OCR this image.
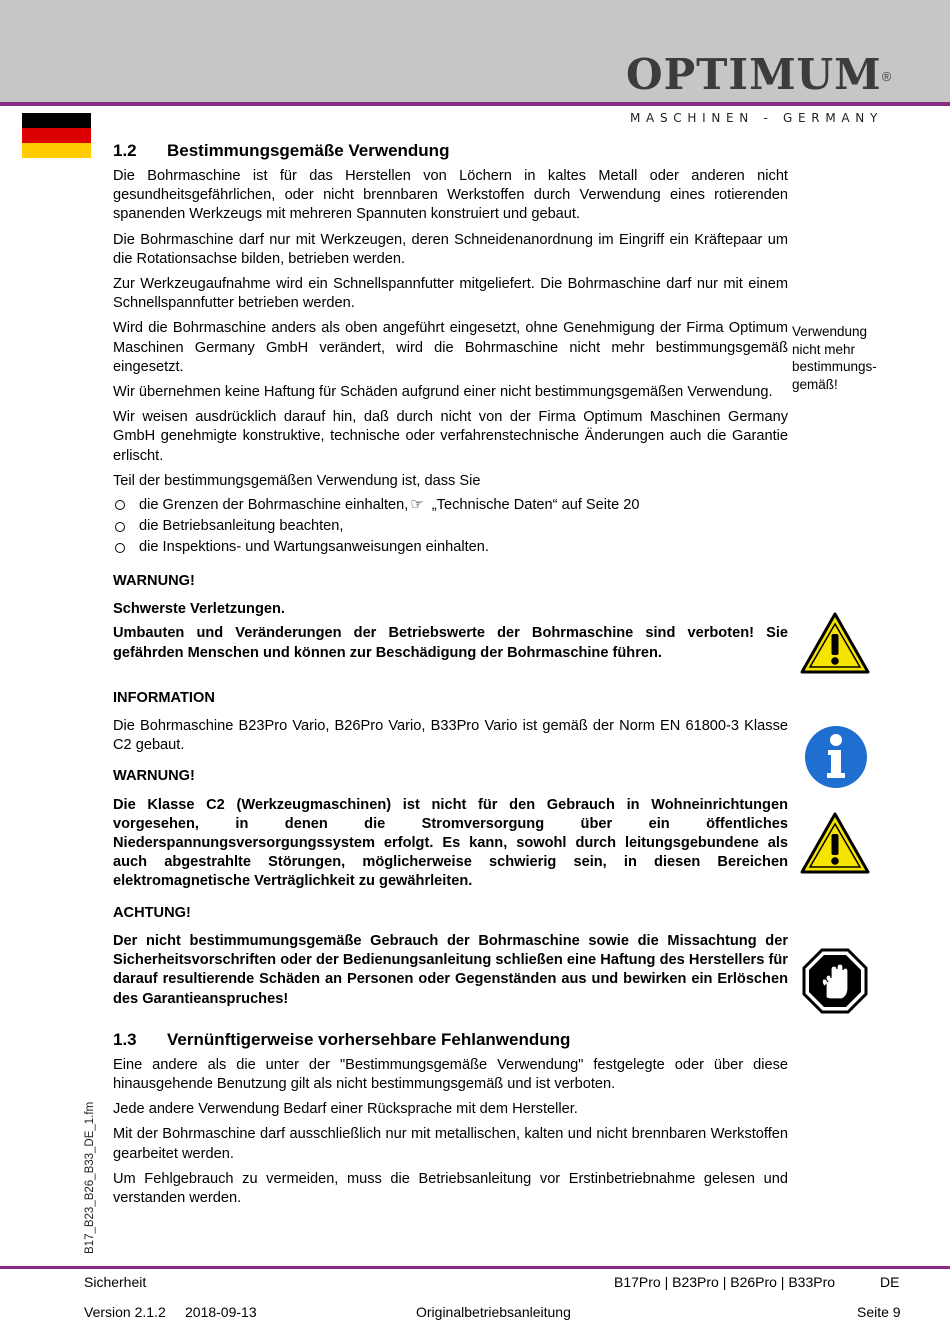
OPTIMUM®
MASCHINEN - GERMANY
1.2	Bestimmungsgemäße Verwendung

Die Bohrmaschine ist für das Herstellen von Löchern in kaltes Metall oder anderen nicht gesundheitsgefährlichen, oder nicht brennbaren Werkstoffen durch Verwendung eines rotierenden spanenden Werkzeugs mit mehreren Spannuten konstruiert und gebaut.

Die Bohrmaschine darf nur mit Werkzeugen, deren Schneidenanordnung im Eingriff ein Kräftepaar um die Rotationsachse bilden, betrieben werden.

Zur Werkzeugaufnahme wird ein Schnellspannfutter mitgeliefert. Die Bohrmaschine darf nur mit einem Schnellspannfutter betrieben werden.

Wird die Bohrmaschine anders als oben angeführt eingesetzt, ohne Genehmigung der Firma Optimum Maschinen Germany GmbH verändert, wird die Bohrmaschine nicht mehr bestimmungsgemäß eingesetzt.

Wir übernehmen keine Haftung für Schäden aufgrund einer nicht bestimmungsgemäßen Verwendung.

Wir weisen ausdrücklich darauf hin, daß durch nicht von der Firma Optimum Maschinen Germany GmbH genehmigte konstruktive, technische oder verfahrenstechnische Änderungen auch die Garantie erlischt.

Teil der bestimmungsgemäßen Verwendung ist, dass Sie

die Grenzen der Bohrmaschine einhalten, ☞ „Technische Daten“ auf Seite 20
die Betriebsanleitung beachten,
die Inspektions- und Wartungsanweisungen einhalten.
WARNUNG!

Schwerste Verletzungen.

Umbauten und Veränderungen der Betriebswerte der Bohrmaschine sind verboten! Sie gefährden Menschen und können zur Beschädigung der Bohrmaschine führen.

INFORMATION

Die Bohrmaschine B23Pro Vario, B26Pro Vario, B33Pro Vario ist gemäß der Norm EN 61800-3 Klasse C2 gebaut.

WARNUNG!

Die Klasse C2 (Werkzeugmaschinen) ist nicht für den Gebrauch in Wohneinrichtungen vorgesehen, in denen die Stromversorgung über ein öffentliches Niederspannungsversorgungssystem erfolgt. Es kann, sowohl durch leitungsgebundene als auch abgestrahlte Störungen, möglicherweise schwierig sein, in diesen Bereichen elektromagnetische Verträglichkeit zu gewährleiten.

ACHTUNG!

Der nicht bestimmumungsgemäße Gebrauch der Bohrmaschine sowie die Missachtung der Sicherheitsvorschriften oder der Bedienungsanleitung schließen eine Haftung des Herstellers für darauf resultierende Schäden an Personen oder Gegenständen aus und bewirken ein Erlöschen des Garantieanspruches!

1.3	Vernünftigerweise vorhersehbare Fehlanwendung

Eine andere als die unter der "Bestimmungsgemäße Verwendung" festgelegte oder über diese hinausgehende Benutzung gilt als nicht bestimmungsgemäß und ist verboten.

Jede andere Verwendung Bedarf einer Rücksprache mit dem Hersteller.

Mit der Bohrmaschine darf ausschließlich nur mit metallischen, kalten und nicht brennbaren Werkstoffen gearbeitet werden.

Um Fehlgebrauch zu vermeiden, muss die Betriebsanleitung vor Erstinbetriebnahme gelesen und verstanden werden.

Verwendung
nicht mehr
bestimmungs-
gemäß!
B17_B23_B26_B33_DE_1.fm
Sicherheit	B17Pro | B23Pro | B26Pro | B33Pro	DE
Version 2.1.2 2018-09-13	Originalbetriebsanleitung	Seite 9
